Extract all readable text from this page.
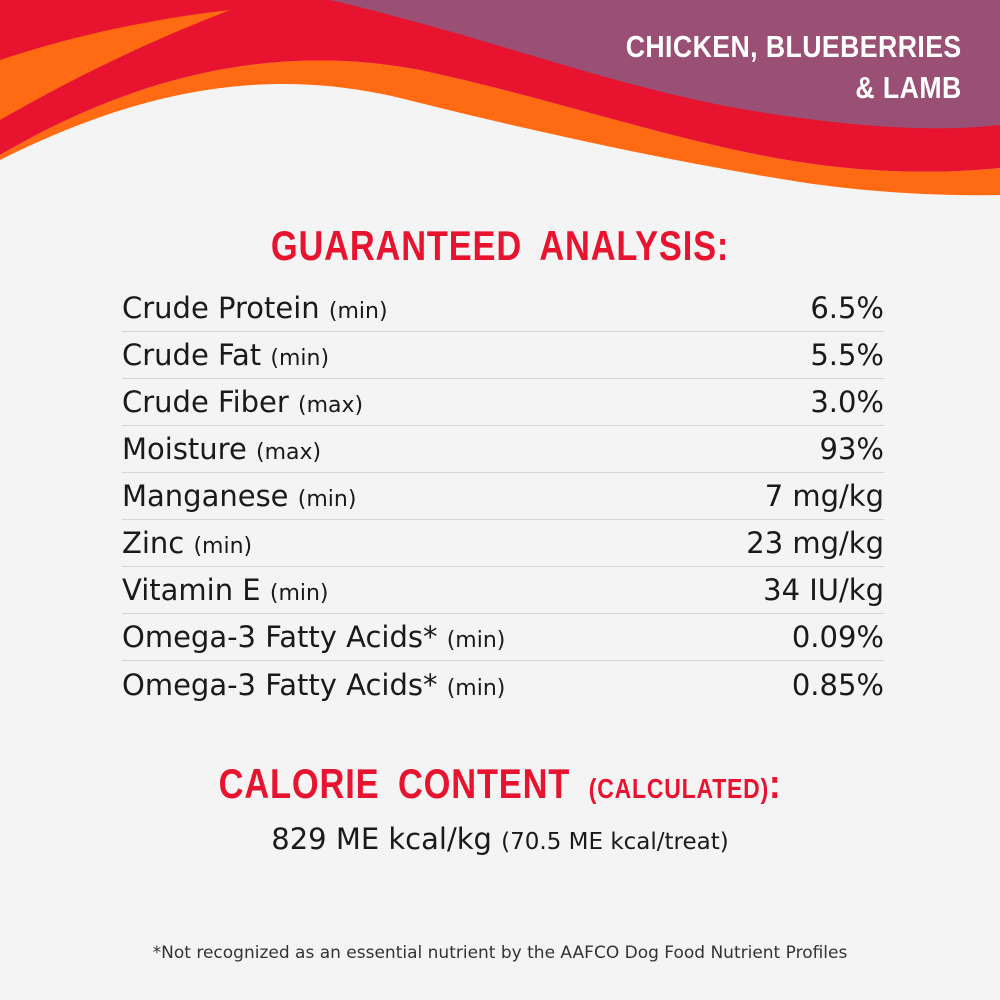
CHICKEN, BLUEBERRIES
& LAMB
GUARANTEED ANALYSIS:
Crude Protein (min)	6.5%
Crude Fat (min)	5.5%
Crude Fiber (max)	3.0%
Moisture (max)	93%
Manganese (min)	7 mg/kg
Zinc (min)	23 mg/kg
Vitamin E (min)	34 IU/kg
Omega-3 Fatty Acids* (min)	0.09%
Omega-3 Fatty Acids* (min)	0.85%
CALORIE CONTENT (CALCULATED):
829 ME kcal/kg (70.5 ME kcal/treat)
*Not recognized as an essential nutrient by the AAFCO Dog Food Nutrient Profiles
